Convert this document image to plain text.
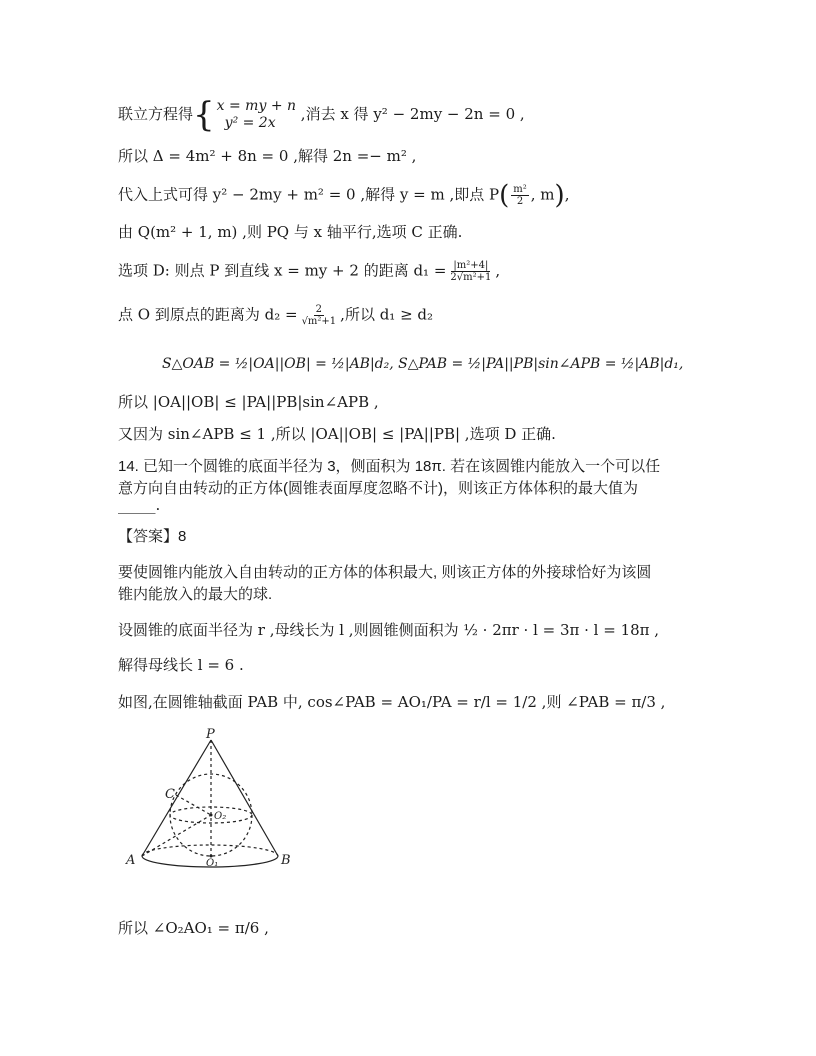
联立方程得{ x = my + n
y² = 2x	,消去 x 得 y² − 2my − 2n = 0 ,
所以 Δ = 4m² + 8n = 0 ,解得 2n =− m² ,
代入上式可得 y² − 2my + m² = 0 ,解得 y = m ,即点 $P( \frac{\text{m²}}{2}$ , m),
由 Q(m² + 1, m) ,则 PQ 与 x 轴平行,选项 C 正确.
选项 D: 则点 P 到直线 x = my + 2 的距离 $d_1 = \frac{\text{|m²+4|}}{\text{2√m²+1}}$ ,
点 O 到原点的距离为 $d_2 = \frac{2}{\text{√m²+1}}$ ,所以 d₁ ≥ d₂
S△OAB = ½|OA||OB| = ½|AB|d₂, S△PAB = ½|PA||PB|sin∠APB = ½|AB|d₁,
所以 |OA||OB| ≤ |PA||PB|sin∠APB ,
又因为 sin∠APB ≤ 1 ,所以 |OA||OB| ≤ |PA||PB| ,选项 D 正确.
14. 已知一个圆锥的底面半径为 3，侧面积为 18π. 若在该圆锥内能放入一个可以任
意方向自由转动的正方体(圆锥表面厚度忽略不计)，则该正方体体积的最大值为
_____.
【答案】8
要使圆锥内能放入自由转动的正方体的体积最大, 则该正方体的外接球恰好为该圆
锥内能放入的最大的球.
设圆锥的底面半径为 r ,母线长为 l ,则圆锥侧面积为 ½ · 2πr · l = 3π · l = 18π ,
解得母线长 l = 6 .
如图,在圆锥轴截面 PAB 中, cos∠PAB = AO₁/PA = r/l = 1/2 ,则 ∠PAB = π/3 ,
P
C
O₂
A	O₁	B
所以 ∠O₂AO₁ = π/6 ,
